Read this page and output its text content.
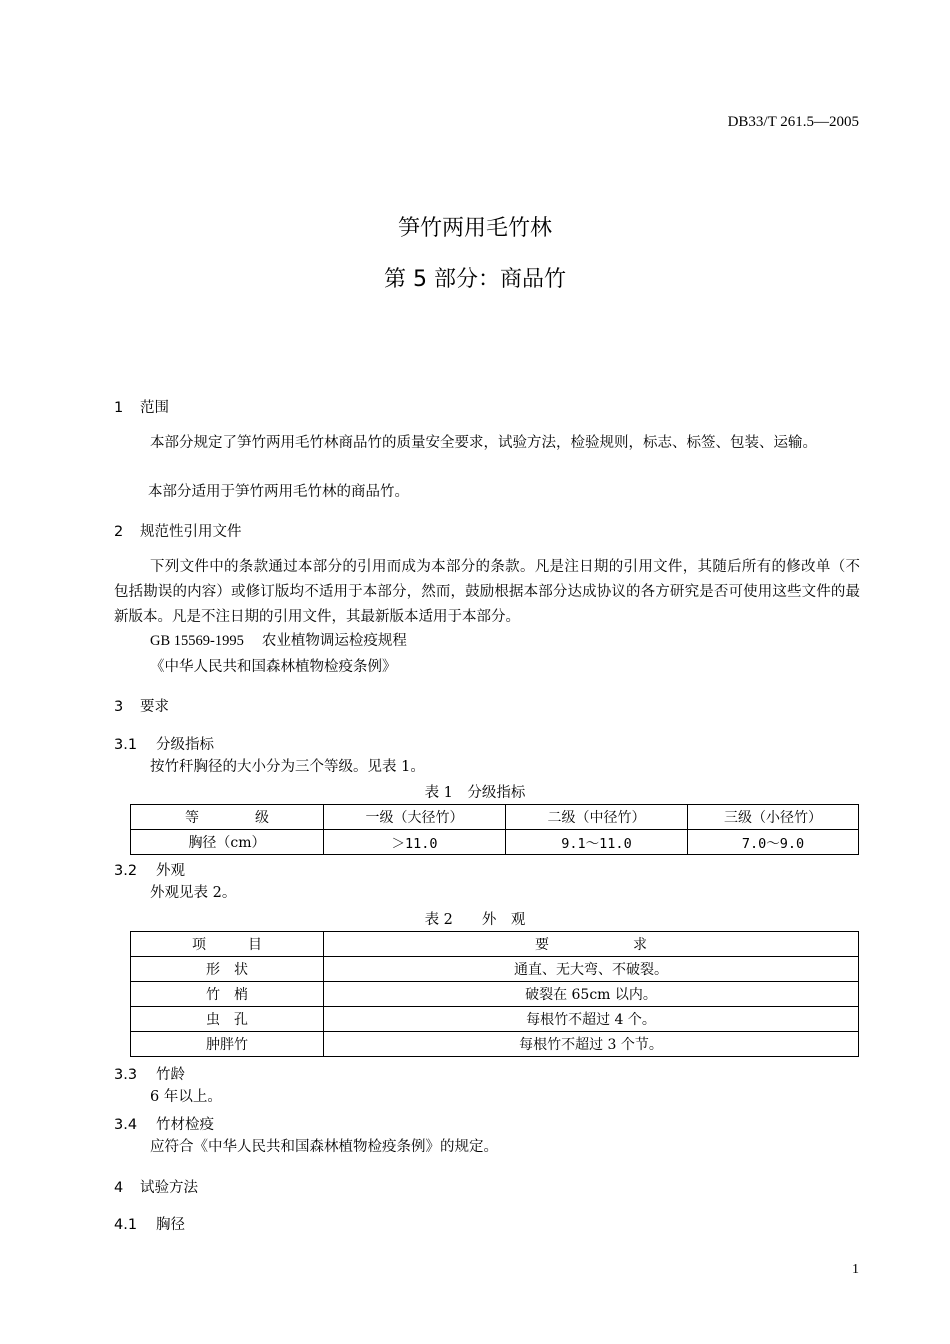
DB33/T 261.5—2005
笋竹两用毛竹林
第 5 部分：商品竹
1 范围
本部分规定了笋竹两用毛竹林商品竹的质量安全要求，试验方法，检验规则，标志、标签、包装、运输。
本部分适用于笋竹两用毛竹林的商品竹。
2 规范性引用文件
下列文件中的条款通过本部分的引用而成为本部分的条款。凡是注日期的引用文件，其随后所有的修改单（不包括勘误的内容）或修订版均不适用于本部分，然而，鼓励根据本部分达成协议的各方研究是否可使用这些文件的最新版本。凡是不注日期的引用文件，其最新版本适用于本部分。
GB 15569-1995 农业植物调运检疫规程
《中华人民共和国森林植物检疫条例》
3 要求
3.1 分级指标
按竹秆胸径的大小分为三个等级。见表 1。
表 1　分级指标
等　　　　级	一级（大径竹）	二级（中径竹）	三级（小径竹）
胸径（cm）	＞11.0	9.1～11.0	7.0～9.0
3.2 外观
外观见表 2。
表 2　　外　观
项　　　目	要　　　　　　求
形　状	通直、无大弯、不破裂。
竹　梢	破裂在 65cm 以内。
虫　孔	每根竹不超过 4 个。
肿胖竹	每根竹不超过 3 个节。
3.3 竹龄
6 年以上。
3.4 竹材检疫
应符合《中华人民共和国森林植物检疫条例》的规定。
4 试验方法
4.1 胸径
1
